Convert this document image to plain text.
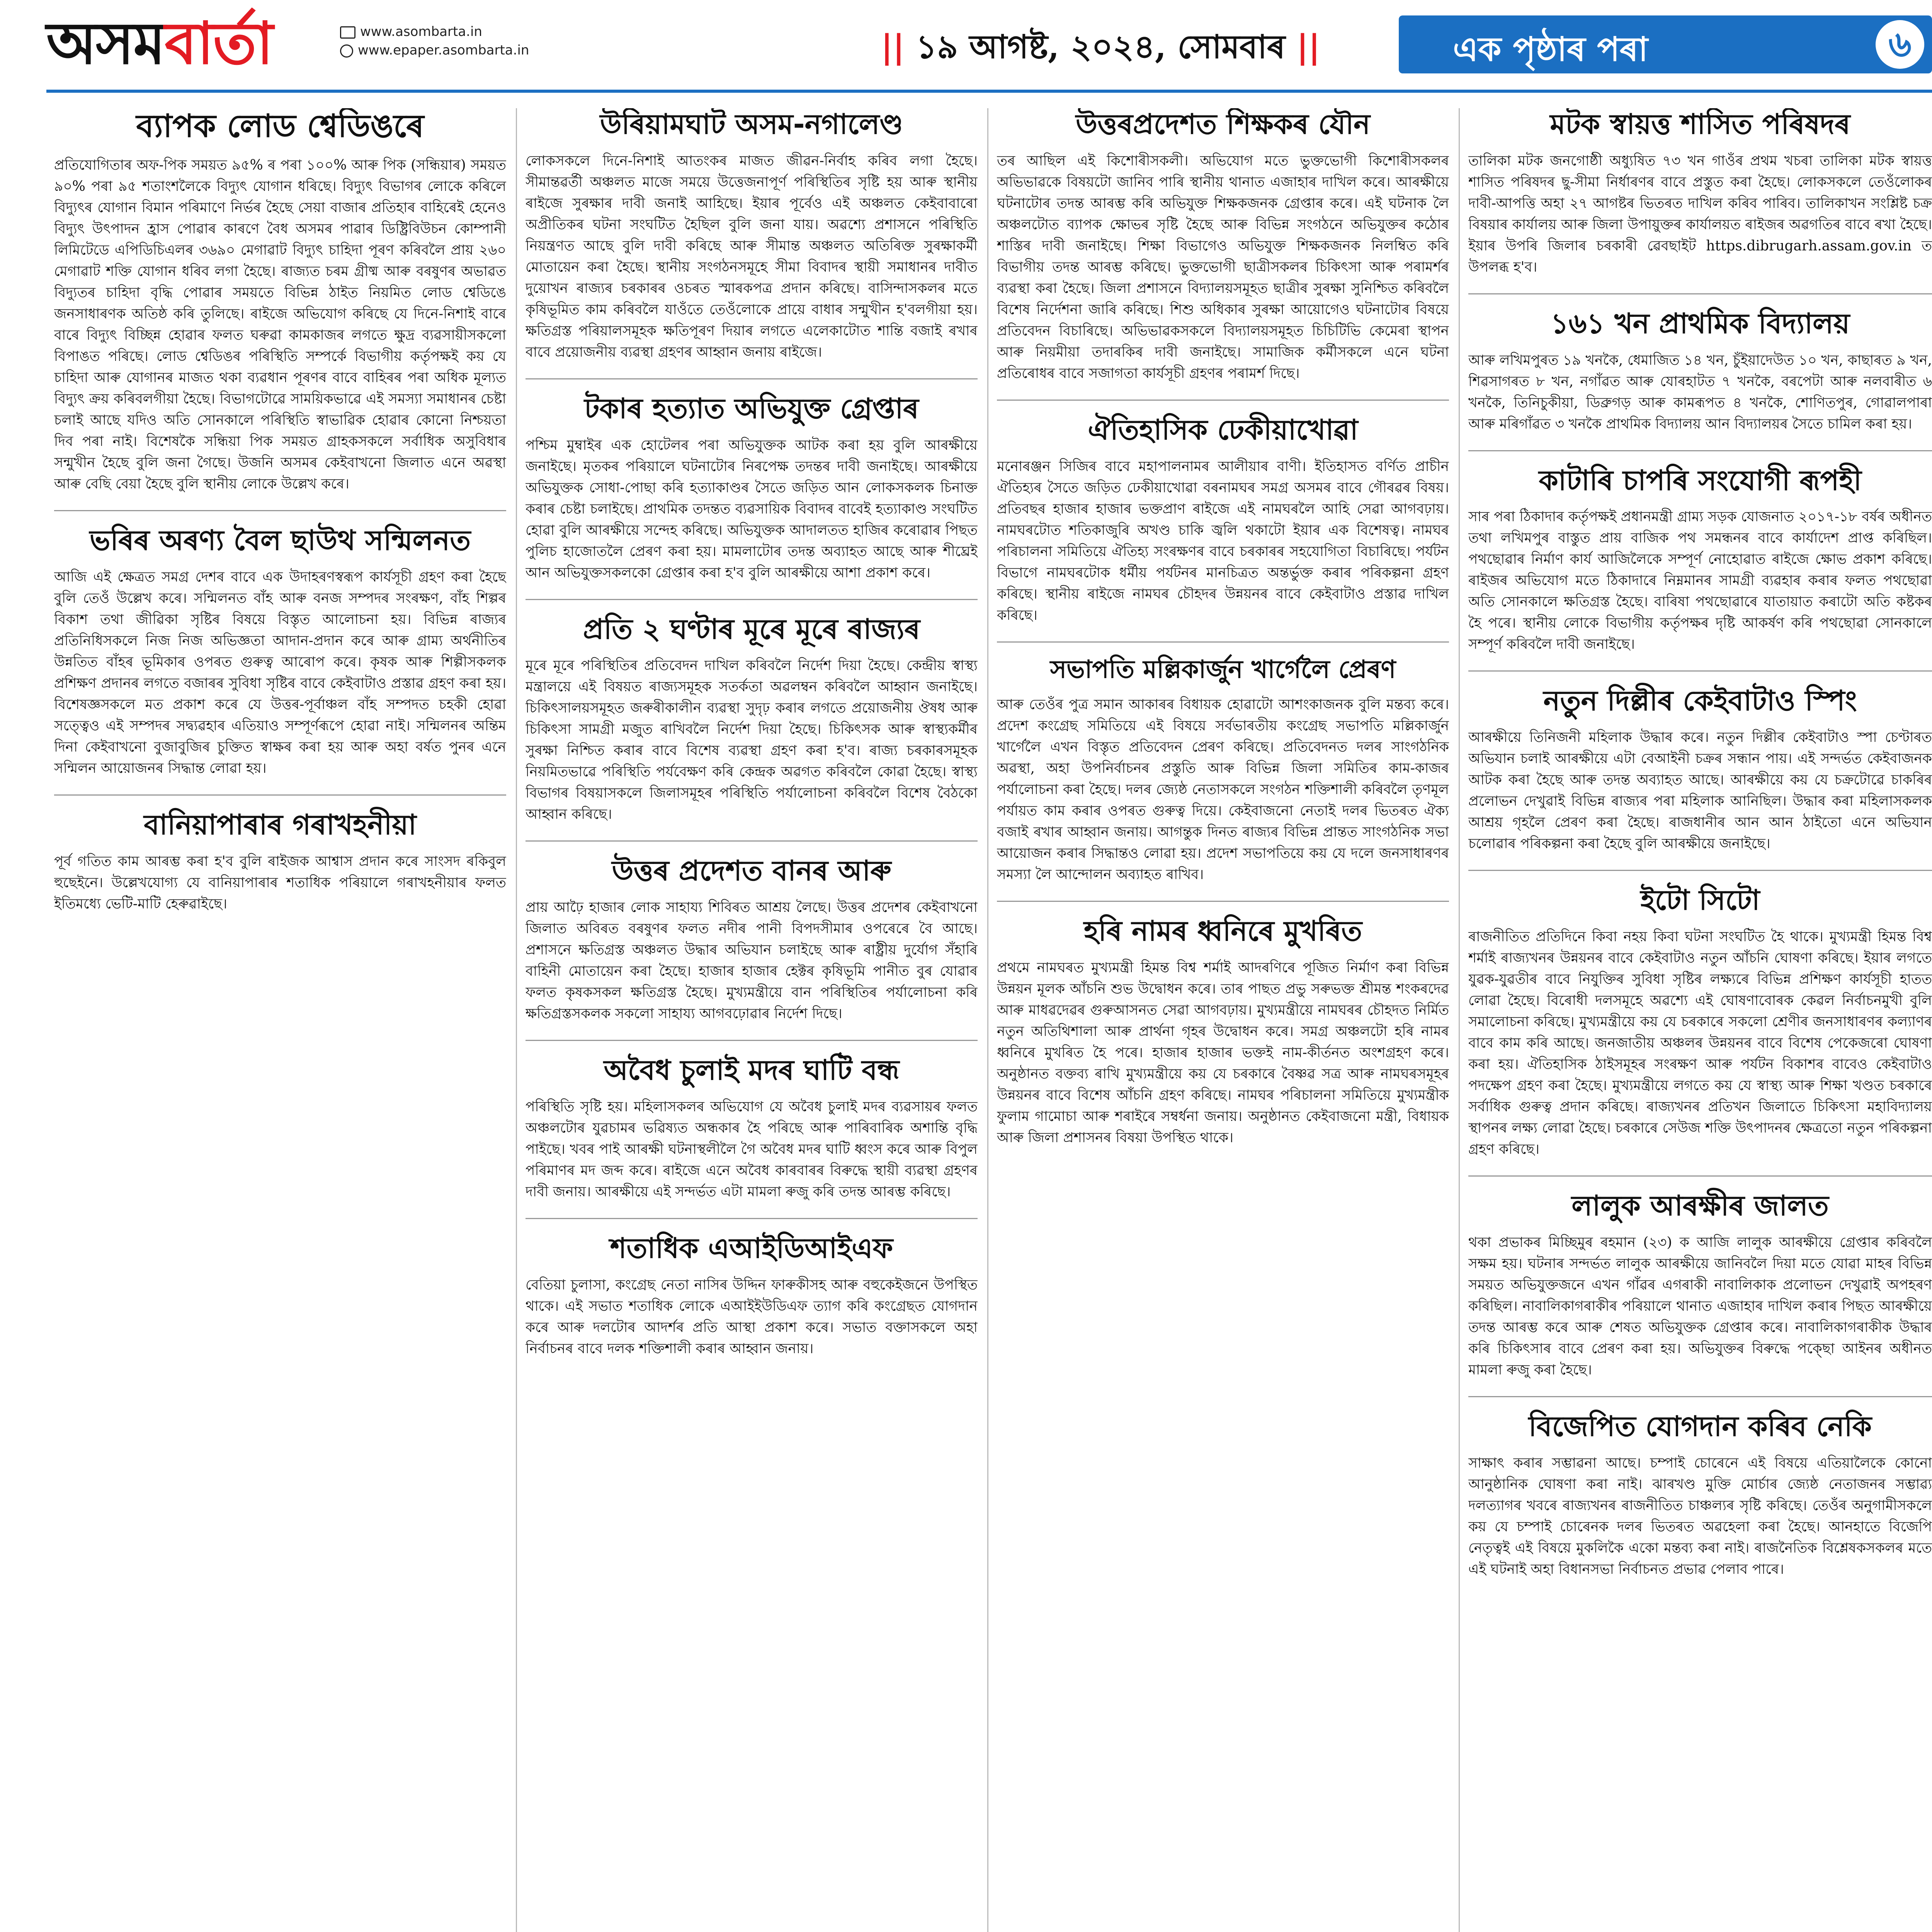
অসমবাৰ্তা	www.asombarta.in
www.epaper.asombarta.in	|| ১৯ আগষ্ট, ২০২৪, সোমবাৰ ||	এক পৃষ্ঠাৰ পৰা	৬
ব্যাপক লোড শ্বেডিঙৰে

প্ৰতিযোগিতাৰ অফ-পিক সময়ত ৯৫% ৰ পৰা ১০০% আৰু পিক (সন্ধিয়াৰ) সময়ত ৯০% পৰা ৯৫ শতাংশলৈকে বিদ্যুৎ যোগান ধৰিছে। বিদ্যুৎ বিভাগৰ লোকে কৰিলে বিদ্যুৎৰ যোগান বিমান পৰিমাণে নিৰ্ভৰ হৈছে সেয়া বাজাৰ প্ৰতিহাৰ বাহিৰেই হেনেও বিদ্যুৎ উৎপাদন হ্ৰাস পোৱাৰ কাৰণে বৈধ অসমৰ পাৱাৰ ডিষ্ট্ৰিবিউচন কোম্পানী লিমিটেডে এপিডিচিএলৰ ৩৬৯০ মেগাৱাট বিদ্যুৎ চাহিদা পূৰণ কৰিবলৈ প্ৰায় ২৬০ মেগাৱাট শক্তি যোগান ধৰিব লগা হৈছে। ৰাজ্যত চৰম গ্ৰীষ্ম আৰু বৰষুণৰ অভাৱত বিদ্যুতৰ চাহিদা বৃদ্ধি পোৱাৰ সময়তে বিভিন্ন ঠাইত নিয়মিত লোড শ্বেডিঙে জনসাধাৰণক অতিষ্ঠ কৰি তুলিছে। ৰাইজে অভিযোগ কৰিছে যে দিনে-নিশাই বাৰে বাৰে বিদ্যুৎ বিচ্ছিন্ন হোৱাৰ ফলত ঘৰুৱা কামকাজৰ লগতে ক্ষুদ্ৰ ব্যৱসায়ীসকলো বিপাঙত পৰিছে। লোড শ্বেডিঙৰ পৰিস্থিতি সম্পৰ্কে বিভাগীয় কৰ্তৃপক্ষই কয় যে চাহিদা আৰু যোগানৰ মাজত থকা ব্যৱধান পূৰণৰ বাবে বাহিৰৰ পৰা অধিক মূল্যত বিদ্যুৎ ক্ৰয় কৰিবলগীয়া হৈছে। বিভাগটোৱে সাময়িকভাৱে এই সমস্যা সমাধানৰ চেষ্টা চলাই আছে যদিও অতি সোনকালে পৰিস্থিতি স্বাভাৱিক হোৱাৰ কোনো নিশ্চয়তা দিব পৰা নাই। বিশেষকৈ সন্ধিয়া পিক সময়ত গ্ৰাহকসকলে সৰ্বাধিক অসুবিধাৰ সন্মুখীন হৈছে বুলি জনা গৈছে। উজনি অসমৰ কেইবাখনো জিলাত এনে অৱস্থা আৰু বেছি বেয়া হৈছে বুলি স্থানীয় লোকে উল্লেখ কৰে।

ভৰিৰ অৰণ্য বৈল ছাউথ সন্মিলনত

আজি এই ক্ষেত্ৰত সমগ্ৰ দেশৰ বাবে এক উদাহৰণস্বৰূপ কাৰ্যসূচী গ্ৰহণ কৰা হৈছে বুলি তেওঁ উল্লেখ কৰে। সন্মিলনত বাঁহ আৰু বনজ সম্পদৰ সংৰক্ষণ, বাঁহ শিল্পৰ বিকাশ তথা জীৱিকা সৃষ্টিৰ বিষয়ে বিস্তৃত আলোচনা হয়। বিভিন্ন ৰাজ্যৰ প্ৰতিনিধিসকলে নিজ নিজ অভিজ্ঞতা আদান-প্ৰদান কৰে আৰু গ্ৰাম্য অৰ্থনীতিৰ উন্নতিত বাঁহৰ ভূমিকাৰ ওপৰত গুৰুত্ব আৰোপ কৰে। কৃষক আৰু শিল্পীসকলক প্ৰশিক্ষণ প্ৰদানৰ লগতে বজাৰৰ সুবিধা সৃষ্টিৰ বাবে কেইবাটাও প্ৰস্তাৱ গ্ৰহণ কৰা হয়। বিশেষজ্ঞসকলে মত প্ৰকাশ কৰে যে উত্তৰ-পূৰ্বাঞ্চল বাঁহ সম্পদত চহকী হোৱা সত্ত্বেও এই সম্পদৰ সদ্ব্যৱহাৰ এতিয়াও সম্পূৰ্ণৰূপে হোৱা নাই। সন্মিলনৰ অন্তিম দিনা কেইবাখনো বুজাবুজিৰ চুক্তিত স্বাক্ষৰ কৰা হয় আৰু অহা বৰ্ষত পুনৰ এনে সন্মিলন আয়োজনৰ সিদ্ধান্ত লোৱা হয়।

বানিয়াপাৰাৰ গৰাখহনীয়া

পূৰ্ব গতিত কাম আৰম্ভ কৰা হ'ব বুলি ৰাইজক আশ্বাস প্ৰদান কৰে সাংসদ ৰকিবুল হুছেইনে। উল্লেখযোগ্য যে বানিয়াপাৰাৰ শতাধিক পৰিয়ালে গৰাখহনীয়াৰ ফলত ইতিমধ্যে ভেটি-মাটি হেৰুৱাইছে।

উৰিয়ামঘাট অসম-নগালেণ্ড

লোকসকলে দিনে-নিশাই আতংকৰ মাজত জীৱন-নিৰ্বাহ কৰিব লগা হৈছে। সীমান্তৱৰ্তী অঞ্চলত মাজে সময়ে উত্তেজনাপূৰ্ণ পৰিস্থিতিৰ সৃষ্টি হয় আৰু স্থানীয় ৰাইজে সুৰক্ষাৰ দাবী জনাই আহিছে। ইয়াৰ পূৰ্বেও এই অঞ্চলত কেইবাবাৰো অপ্ৰীতিকৰ ঘটনা সংঘটিত হৈছিল বুলি জনা যায়। অৱশ্যে প্ৰশাসনে পৰিস্থিতি নিয়ন্ত্ৰণত আছে বুলি দাবী কৰিছে আৰু সীমান্ত অঞ্চলত অতিৰিক্ত সুৰক্ষাকৰ্মী মোতায়েন কৰা হৈছে। স্থানীয় সংগঠনসমূহে সীমা বিবাদৰ স্থায়ী সমাধানৰ দাবীত দুয়োখন ৰাজ্যৰ চৰকাৰৰ ওচৰত স্মাৰকপত্ৰ প্ৰদান কৰিছে। বাসিন্দাসকলৰ মতে কৃষিভূমিত কাম কৰিবলৈ যাওঁতে তেওঁলোকে প্ৰায়ে বাধাৰ সন্মুখীন হ'বলগীয়া হয়। ক্ষতিগ্ৰস্ত পৰিয়ালসমূহক ক্ষতিপূৰণ দিয়াৰ লগতে এলেকাটোত শান্তি বজাই ৰখাৰ বাবে প্ৰয়োজনীয় ব্যৱস্থা গ্ৰহণৰ আহ্বান জনায় ৰাইজে।

টকাৰ হত্যাত অভিযুক্ত গ্ৰেপ্তাৰ

পশ্চিম মুম্বাইৰ এক হোটেলৰ পৰা অভিযুক্তক আটক কৰা হয় বুলি আৰক্ষীয়ে জনাইছে। মৃতকৰ পৰিয়ালে ঘটনাটোৰ নিৰপেক্ষ তদন্তৰ দাবী জনাইছে। আৰক্ষীয়ে অভিযুক্তক সোধা-পোছা কৰি হত্যাকাণ্ডৰ সৈতে জড়িত আন লোকসকলক চিনাক্ত কৰাৰ চেষ্টা চলাইছে। প্ৰাথমিক তদন্তত ব্যৱসায়িক বিবাদৰ বাবেই হত্যাকাণ্ড সংঘটিত হোৱা বুলি আৰক্ষীয়ে সন্দেহ কৰিছে। অভিযুক্তক আদালতত হাজিৰ কৰোৱাৰ পিছত পুলিচ হাজোতলৈ প্ৰেৰণ কৰা হয়। মামলাটোৰ তদন্ত অব্যাহত আছে আৰু শীঘ্ৰেই আন অভিযুক্তসকলকো গ্ৰেপ্তাৰ কৰা হ'ব বুলি আৰক্ষীয়ে আশা প্ৰকাশ কৰে।

প্ৰতি ২ ঘণ্টাৰ মূৰে মূৰে ৰাজ্যৰ

মূৰে মূৰে পৰিস্থিতিৰ প্ৰতিবেদন দাখিল কৰিবলৈ নিৰ্দেশ দিয়া হৈছে। কেন্দ্ৰীয় স্বাস্থ্য মন্ত্ৰালয়ে এই বিষয়ত ৰাজ্যসমূহক সতৰ্কতা অৱলম্বন কৰিবলৈ আহ্বান জনাইছে। চিকিৎসালয়সমূহত জৰুৰীকালীন ব্যৱস্থা সুদৃঢ় কৰাৰ লগতে প্ৰয়োজনীয় ঔষধ আৰু চিকিৎসা সামগ্ৰী মজুত ৰাখিবলৈ নিৰ্দেশ দিয়া হৈছে। চিকিৎসক আৰু স্বাস্থ্যকৰ্মীৰ সুৰক্ষা নিশ্চিত কৰাৰ বাবে বিশেষ ব্যৱস্থা গ্ৰহণ কৰা হ'ব। ৰাজ্য চৰকাৰসমূহক নিয়মিতভাৱে পৰিস্থিতি পৰ্যবেক্ষণ কৰি কেন্দ্ৰক অৱগত কৰিবলৈ কোৱা হৈছে। স্বাস্থ্য বিভাগৰ বিষয়াসকলে জিলাসমূহৰ পৰিস্থিতি পৰ্যালোচনা কৰিবলৈ বিশেষ বৈঠকো আহ্বান কৰিছে।

উত্তৰ প্ৰদেশত বানৰ আৰু

প্ৰায় আঢ়ৈ হাজাৰ লোক সাহায্য শিবিৰত আশ্ৰয় লৈছে। উত্তৰ প্ৰদেশৰ কেইবাখনো জিলাত অবিৰত বৰষুণৰ ফলত নদীৰ পানী বিপদসীমাৰ ওপৰেৰে বৈ আছে। প্ৰশাসনে ক্ষতিগ্ৰস্ত অঞ্চলত উদ্ধাৰ অভিযান চলাইছে আৰু ৰাষ্ট্ৰীয় দুৰ্যোগ সঁহাৰি বাহিনী মোতায়েন কৰা হৈছে। হাজাৰ হাজাৰ হেক্টৰ কৃষিভূমি পানীত বুৰ যোৱাৰ ফলত কৃষকসকল ক্ষতিগ্ৰস্ত হৈছে। মুখ্যমন্ত্ৰীয়ে বান পৰিস্থিতিৰ পৰ্যালোচনা কৰি ক্ষতিগ্ৰস্তসকলক সকলো সাহায্য আগবঢ়োৱাৰ নিৰ্দেশ দিছে।

অবৈধ চুলাই মদৰ ঘাটি বন্ধ

পৰিস্থিতি সৃষ্টি হয়। মহিলাসকলৰ অভিযোগ যে অবৈধ চুলাই মদৰ ব্যৱসায়ৰ ফলত অঞ্চলটোৰ যুৱচামৰ ভৱিষ্যত অন্ধকাৰ হৈ পৰিছে আৰু পাৰিবাৰিক অশান্তি বৃদ্ধি পাইছে। খবৰ পাই আৰক্ষী ঘটনাস্থলীলৈ গৈ অবৈধ মদৰ ঘাটি ধ্বংস কৰে আৰু বিপুল পৰিমাণৰ মদ জব্দ কৰে। ৰাইজে এনে অবৈধ কাৰবাৰৰ বিৰুদ্ধে স্থায়ী ব্যৱস্থা গ্ৰহণৰ দাবী জনায়। আৰক্ষীয়ে এই সন্দৰ্ভত এটা মামলা ৰুজু কৰি তদন্ত আৰম্ভ কৰিছে।

শতাধিক এআইডিআইএফ

বেতিয়া চুলাসা, কংগ্ৰেছ নেতা নাসিৰ উদ্দিন ফাৰুকীসহ আৰু বহুকেইজনে উপস্থিত থাকে। এই সভাত শতাধিক লোকে এআইইউডিএফ ত্যাগ কৰি কংগ্ৰেছত যোগদান কৰে আৰু দলটোৰ আদৰ্শৰ প্ৰতি আস্থা প্ৰকাশ কৰে। সভাত বক্তাসকলে অহা নিৰ্বাচনৰ বাবে দলক শক্তিশালী কৰাৰ আহ্বান জনায়।

উত্তৰপ্ৰদেশত শিক্ষকৰ যৌন

তৰ আছিল এই কিশোৰীসকলী। অভিযোগ মতে ভুক্তভোগী কিশোৰীসকলৰ অভিভাৱকে বিষয়টো জানিব পাৰি স্থানীয় থানাত এজাহাৰ দাখিল কৰে। আৰক্ষীয়ে ঘটনাটোৰ তদন্ত আৰম্ভ কৰি অভিযুক্ত শিক্ষকজনক গ্ৰেপ্তাৰ কৰে। এই ঘটনাক লৈ অঞ্চলটোত ব্যাপক ক্ষোভৰ সৃষ্টি হৈছে আৰু বিভিন্ন সংগঠনে অভিযুক্তৰ কঠোৰ শাস্তিৰ দাবী জনাইছে। শিক্ষা বিভাগেও অভিযুক্ত শিক্ষকজনক নিলম্বিত কৰি বিভাগীয় তদন্ত আৰম্ভ কৰিছে। ভুক্তভোগী ছাত্ৰীসকলৰ চিকিৎসা আৰু পৰামৰ্শৰ ব্যৱস্থা কৰা হৈছে। জিলা প্ৰশাসনে বিদ্যালয়সমূহত ছাত্ৰীৰ সুৰক্ষা সুনিশ্চিত কৰিবলৈ বিশেষ নিৰ্দেশনা জাৰি কৰিছে। শিশু অধিকাৰ সুৰক্ষা আয়োগেও ঘটনাটোৰ বিষয়ে প্ৰতিবেদন বিচাৰিছে। অভিভাৱকসকলে বিদ্যালয়সমূহত চিচিটিভি কেমেৰা স্থাপন আৰু নিয়মীয়া তদাৰকিৰ দাবী জনাইছে। সামাজিক কৰ্মীসকলে এনে ঘটনা প্ৰতিৰোধৰ বাবে সজাগতা কাৰ্যসূচী গ্ৰহণৰ পৰামৰ্শ দিছে।

ঐতিহাসিক ঢেকীয়াখোৱা

মনোৰঞ্জন সিজিৰ বাবে মহাপালনামৰ আলীয়াৰ বাণী। ইতিহাসত বৰ্ণিত প্ৰাচীন ঐতিহ্যৰ সৈতে জড়িত ঢেকীয়াখোৱা বৰনামঘৰ সমগ্ৰ অসমৰ বাবে গৌৰৱৰ বিষয়। প্ৰতিবছৰ হাজাৰ হাজাৰ ভক্তপ্ৰাণ ৰাইজে এই নামঘৰলৈ আহি সেৱা আগবঢ়ায়। নামঘৰটোত শতিকাজুৰি অখণ্ড চাকি জ্বলি থকাটো ইয়াৰ এক বিশেষত্ব। নামঘৰ পৰিচালনা সমিতিয়ে ঐতিহ্য সংৰক্ষণৰ বাবে চৰকাৰৰ সহযোগিতা বিচাৰিছে। পৰ্যটন বিভাগে নামঘৰটোক ধৰ্মীয় পৰ্যটনৰ মানচিত্ৰত অন্তৰ্ভুক্ত কৰাৰ পৰিকল্পনা গ্ৰহণ কৰিছে। স্থানীয় ৰাইজে নামঘৰ চৌহদৰ উন্নয়নৰ বাবে কেইবাটাও প্ৰস্তাৱ দাখিল কৰিছে।

সভাপতি মল্লিকাৰ্জুন খাৰ্গেলৈ প্ৰেৰণ

আৰু তেওঁৰ পুত্ৰ সমান আকাৰৰ বিধায়ক হোৱাটো আশংকাজনক বুলি মন্তব্য কৰে। প্ৰদেশ কংগ্ৰেছ সমিতিয়ে এই বিষয়ে সৰ্বভাৰতীয় কংগ্ৰেছ সভাপতি মল্লিকাৰ্জুন খাৰ্গেলৈ এখন বিস্তৃত প্ৰতিবেদন প্ৰেৰণ কৰিছে। প্ৰতিবেদনত দলৰ সাংগঠনিক অৱস্থা, অহা উপনিৰ্বাচনৰ প্ৰস্তুতি আৰু বিভিন্ন জিলা সমিতিৰ কাম-কাজৰ পৰ্যালোচনা কৰা হৈছে। দলৰ জ্যেষ্ঠ নেতাসকলে সংগঠন শক্তিশালী কৰিবলৈ তৃণমূল পৰ্যায়ত কাম কৰাৰ ওপৰত গুৰুত্ব দিয়ে। কেইবাজনো নেতাই দলৰ ভিতৰত ঐক্য বজাই ৰখাৰ আহ্বান জনায়। আগন্তুক দিনত ৰাজ্যৰ বিভিন্ন প্ৰান্তত সাংগঠনিক সভা আয়োজন কৰাৰ সিদ্ধান্তও লোৱা হয়। প্ৰদেশ সভাপতিয়ে কয় যে দলে জনসাধাৰণৰ সমস্যা লৈ আন্দোলন অব্যাহত ৰাখিব।

হৰি নামৰ ধ্বনিৰে মুখৰিত

প্ৰথমে নামঘৰত মুখ্যমন্ত্ৰী হিমন্ত বিশ্ব শৰ্মাই আদৰণিৰে পূজিত নিৰ্মাণ কৰা বিভিন্ন উন্নয়ন মূলক আঁচনি শুভ উদ্বোধন কৰে। তাৰ পাছত প্ৰভু সৰুভক্ত শ্ৰীমন্ত শংকৰদেৱ আৰু মাধৱদেৱৰ গুৰুআসনত সেৱা আগবঢ়ায়। মুখ্যমন্ত্ৰীয়ে নামঘৰৰ চৌহদত নিৰ্মিত নতুন অতিথিশালা আৰু প্ৰাৰ্থনা গৃহৰ উদ্বোধন কৰে। সমগ্ৰ অঞ্চলটো হৰি নামৰ ধ্বনিৰে মুখৰিত হৈ পৰে। হাজাৰ হাজাৰ ভক্তই নাম-কীৰ্তনত অংশগ্ৰহণ কৰে। অনুষ্ঠানত বক্তব্য ৰাখি মুখ্যমন্ত্ৰীয়ে কয় যে চৰকাৰে বৈষ্ণৱ সত্ৰ আৰু নামঘৰসমূহৰ উন্নয়নৰ বাবে বিশেষ আঁচনি গ্ৰহণ কৰিছে। নামঘৰ পৰিচালনা সমিতিয়ে মুখ্যমন্ত্ৰীক ফুলাম গামোচা আৰু শৰাইৰে সম্বৰ্ধনা জনায়। অনুষ্ঠানত কেইবাজনো মন্ত্ৰী, বিধায়ক আৰু জিলা প্ৰশাসনৰ বিষয়া উপস্থিত থাকে।

মটক স্বায়ত্ত শাসিত পৰিষদৰ

তালিকা মটক জনগোষ্ঠী অধ্যুষিত ৭৩ খন গাওঁৰ প্ৰথম খচৰা তালিকা মটক স্বায়ত্ত শাসিত পৰিষদৰ ছু-সীমা নিৰ্ধাৰণৰ বাবে প্ৰস্তুত কৰা হৈছে। লোকসকলে তেওঁলোকৰ দাবী-আপত্তি অহা ২৭ আগষ্টৰ ভিতৰত দাখিল কৰিব পাৰিব। তালিকাখন সংশ্লিষ্ট চক্ৰ বিষয়াৰ কাৰ্যালয় আৰু জিলা উপায়ুক্তৰ কাৰ্যালয়ত ৰাইজৰ অৱগতিৰ বাবে ৰখা হৈছে। ইয়াৰ উপৰি জিলাৰ চৰকাৰী ৱেবছাইট https.dibrugarh.assam.gov.in ত উপলব্ধ হ'ব।

১৬১ খন প্ৰাথমিক বিদ্যালয়

আৰু লখিমপুৰত ১৯ খনকৈ, ধেমাজিত ১৪ খন, চুঁইয়াদেউত ১০ খন, কাছাৰত ৯ খন, শিৱসাগৰত ৮ খন, নগাঁৱত আৰু যোৰহাটত ৭ খনকৈ, বৰপেটা আৰু নলবাৰীত ৬ খনকৈ, তিনিচুকীয়া, ডিব্ৰুগড় আৰু কামৰূপত ৪ খনকৈ, শোণিতপুৰ, গোৱালপাৰা আৰু মৰিগাঁৱত ৩ খনকৈ প্ৰাথমিক বিদ্যালয় আন বিদ্যালয়ৰ সৈতে চামিল কৰা হয়।

কাটাৰি চাপৰি সংযোগী ৰূপহী

সাৰ পৰা ঠিকাদাৰ কৰ্তৃপক্ষই প্ৰধানমন্ত্ৰী গ্ৰাম্য সড়ক যোজনাত ২০১৭-১৮ বৰ্ষৰ অধীনত তথা লখিমপুৰ বাস্তুত প্ৰায় বাজিক পথ সমন্ধনৰ বাবে কাৰ্যাদেশ প্ৰাপ্ত কৰিছিল। পথছোৱাৰ নিৰ্মাণ কাৰ্য আজিলৈকে সম্পূৰ্ণ নোহোৱাত ৰাইজে ক্ষোভ প্ৰকাশ কৰিছে। ৰাইজৰ অভিযোগ মতে ঠিকাদাৰে নিম্নমানৰ সামগ্ৰী ব্যৱহাৰ কৰাৰ ফলত পথছোৱা অতি সোনকালে ক্ষতিগ্ৰস্ত হৈছে। বাৰিষা পথছোৱাৰে যাতায়াত কৰাটো অতি কষ্টকৰ হৈ পৰে। স্থানীয় লোকে বিভাগীয় কৰ্তৃপক্ষৰ দৃষ্টি আকৰ্ষণ কৰি পথছোৱা সোনকালে সম্পূৰ্ণ কৰিবলৈ দাবী জনাইছে।

নতুন দিল্লীৰ কেইবাটাও স্পিং

আৰক্ষীয়ে তিনিজনী মহিলাক উদ্ধাৰ কৰে। নতুন দিল্লীৰ কেইবাটাও স্পা চেণ্টাৰত অভিযান চলাই আৰক্ষীয়ে এটা বেআইনী চক্ৰৰ সন্ধান পায়। এই সন্দৰ্ভত কেইবাজনক আটক কৰা হৈছে আৰু তদন্ত অব্যাহত আছে। আৰক্ষীয়ে কয় যে চক্ৰটোৱে চাকৰিৰ প্ৰলোভন দেখুৱাই বিভিন্ন ৰাজ্যৰ পৰা মহিলাক আনিছিল। উদ্ধাৰ কৰা মহিলাসকলক আশ্ৰয় গৃহলৈ প্ৰেৰণ কৰা হৈছে। ৰাজধানীৰ আন আন ঠাইতো এনে অভিযান চলোৱাৰ পৰিকল্পনা কৰা হৈছে বুলি আৰক্ষীয়ে জনাইছে।

ইটো সিটো

ৰাজনীতিত প্ৰতিদিনে কিবা নহয় কিবা ঘটনা সংঘটিত হৈ থাকে। মুখ্যমন্ত্ৰী হিমন্ত বিশ্ব শৰ্মাই ৰাজ্যখনৰ উন্নয়নৰ বাবে কেইবাটাও নতুন আঁচনি ঘোষণা কৰিছে। ইয়াৰ লগতে যুৱক-যুৱতীৰ বাবে নিযুক্তিৰ সুবিধা সৃষ্টিৰ লক্ষ্যৰে বিভিন্ন প্ৰশিক্ষণ কাৰ্যসূচী হাতত লোৱা হৈছে। বিৰোধী দলসমূহে অৱশ্যে এই ঘোষণাবোৰক কেৱল নিৰ্বাচনমুখী বুলি সমালোচনা কৰিছে। মুখ্যমন্ত্ৰীয়ে কয় যে চৰকাৰে সকলো শ্ৰেণীৰ জনসাধাৰণৰ কল্যাণৰ বাবে কাম কৰি আছে। জনজাতীয় অঞ্চলৰ উন্নয়নৰ বাবে বিশেষ পেকেজৰো ঘোষণা কৰা হয়। ঐতিহাসিক ঠাইসমূহৰ সংৰক্ষণ আৰু পৰ্যটন বিকাশৰ বাবেও কেইবাটাও পদক্ষেপ গ্ৰহণ কৰা হৈছে। মুখ্যমন্ত্ৰীয়ে লগতে কয় যে স্বাস্থ্য আৰু শিক্ষা খণ্ডত চৰকাৰে সৰ্বাধিক গুৰুত্ব প্ৰদান কৰিছে। ৰাজ্যখনৰ প্ৰতিখন জিলাতে চিকিৎসা মহাবিদ্যালয় স্থাপনৰ লক্ষ্য লোৱা হৈছে। চৰকাৰে সেউজ শক্তি উৎপাদনৰ ক্ষেত্ৰতো নতুন পৰিকল্পনা গ্ৰহণ কৰিছে।

লালুক আৰক্ষীৰ জালত

থকা প্ৰভাকৰ মিচ্ছিমুৰ ৰহমান (২৩) ক আজি লালুক আৰক্ষীয়ে গ্ৰেপ্তাৰ কৰিবলৈ সক্ষম হয়। ঘটনাৰ সন্দৰ্ভত লালুক আৰক্ষীয়ে জানিবলৈ দিয়া মতে যোৱা মাহৰ বিভিন্ন সময়ত অভিযুক্তজনে এখন গাঁৱৰ এগৰাকী নাবালিকাক প্ৰলোভন দেখুৱাই অপহৰণ কৰিছিল। নাবালিকাগৰাকীৰ পৰিয়ালে থানাত এজাহাৰ দাখিল কৰাৰ পিছত আৰক্ষীয়ে তদন্ত আৰম্ভ কৰে আৰু শেষত অভিযুক্তক গ্ৰেপ্তাৰ কৰে। নাবালিকাগৰাকীক উদ্ধাৰ কৰি চিকিৎসাৰ বাবে প্ৰেৰণ কৰা হয়। অভিযুক্তৰ বিৰুদ্ধে পক্ছো আইনৰ অধীনত মামলা ৰুজু কৰা হৈছে।

বিজেপিত যোগদান কৰিব নেকি

সাক্ষাৎ কৰাৰ সম্ভাৱনা আছে। চম্পাই চোৰেনে এই বিষয়ে এতিয়ালৈকে কোনো আনুষ্ঠানিক ঘোষণা কৰা নাই। ঝাৰখণ্ড মুক্তি মোৰ্চাৰ জ্যেষ্ঠ নেতাজনৰ সম্ভাৱ্য দলত্যাগৰ খবৰে ৰাজ্যখনৰ ৰাজনীতিত চাঞ্চল্যৰ সৃষ্টি কৰিছে। তেওঁৰ অনুগামীসকলে কয় যে চম্পাই চোৰেনক দলৰ ভিতৰত অৱহেলা কৰা হৈছে। আনহাতে বিজেপি নেতৃত্বই এই বিষয়ে মুকলিকৈ একো মন্তব্য কৰা নাই। ৰাজনৈতিক বিশ্লেষকসকলৰ মতে এই ঘটনাই অহা বিধানসভা নিৰ্বাচনত প্ৰভাৱ পেলাব পাৰে।
